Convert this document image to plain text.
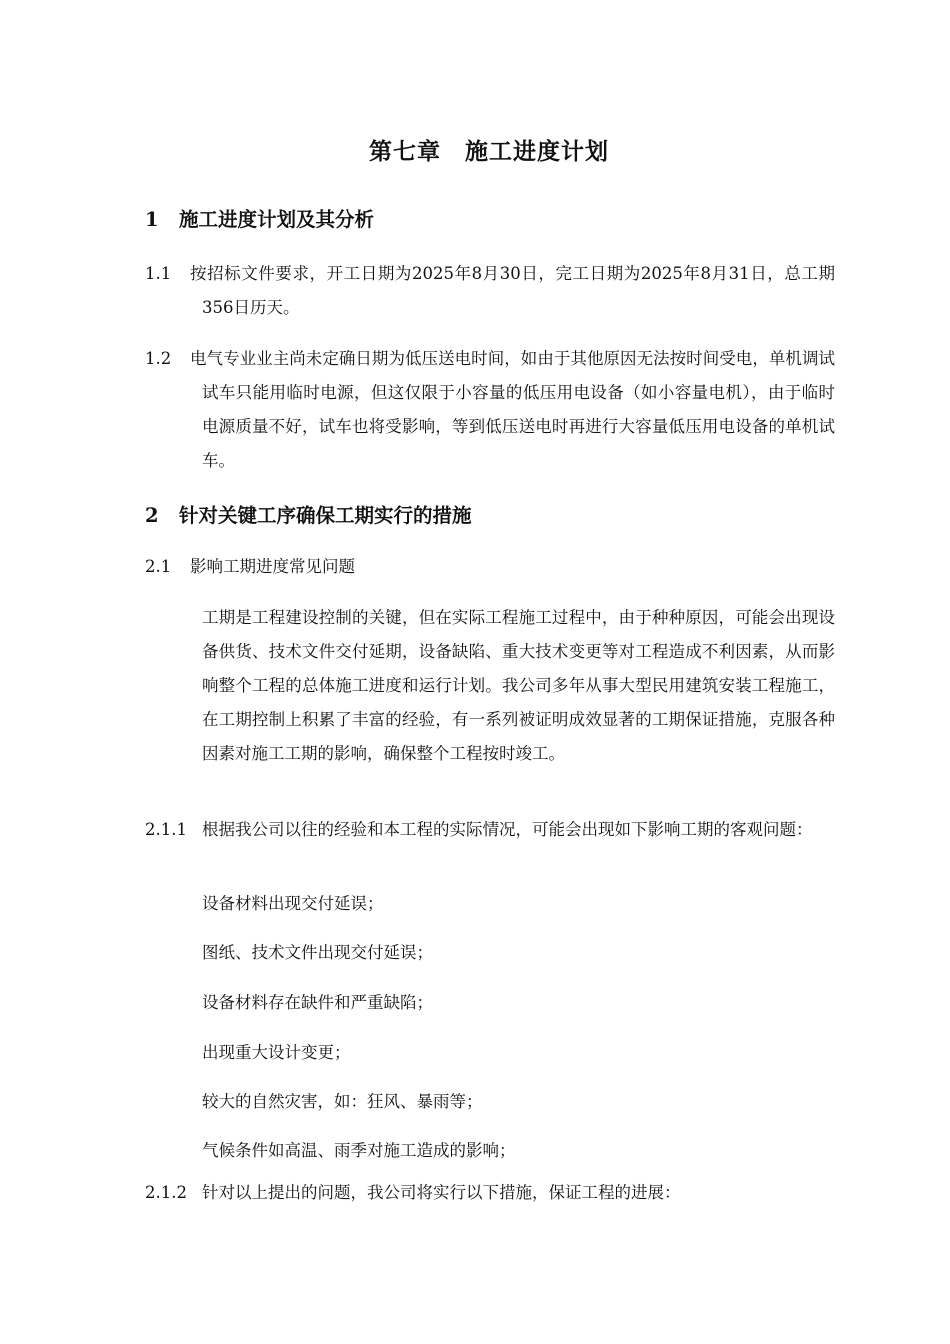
第七章　施工进度计划
1 施工进度计划及其分析
1.1	按招标文件要求，开工日期为2025年8月30日，完工日期为2025年8月31日，总工期356日历天。
1.2	电气专业业主尚未定确日期为低压送电时间，如由于其他原因无法按时间受电，单机调试试车只能用临时电源，但这仅限于小容量的低压用电设备（如小容量电机），由于临时电源质量不好，试车也将受影响，等到低压送电时再进行大容量低压用电设备的单机试车。
2 针对关键工序确保工期实行的措施
2.1	影响工期进度常见问题
工期是工程建设控制的关键，但在实际工程施工过程中，由于种种原因，可能会出现设备供货、技术文件交付延期，设备缺陷、重大技术变更等对工程造成不利因素，从而影响整个工程的总体施工进度和运行计划。我公司多年从事大型民用建筑安装工程施工，在工期控制上积累了丰富的经验，有一系列被证明成效显著的工期保证措施，克服各种因素对施工工期的影响，确保整个工程按时竣工。
2.1.1 根据我公司以往的经验和本工程的实际情况，可能会出现如下影响工期的客观问题：
设备材料出现交付延误；
图纸、技术文件出现交付延误；
设备材料存在缺件和严重缺陷；
出现重大设计变更；
较大的自然灾害，如：狂风、暴雨等；
气候条件如高温、雨季对施工造成的影响；
2.1.2 针对以上提出的问题，我公司将实行以下措施，保证工程的进展：
